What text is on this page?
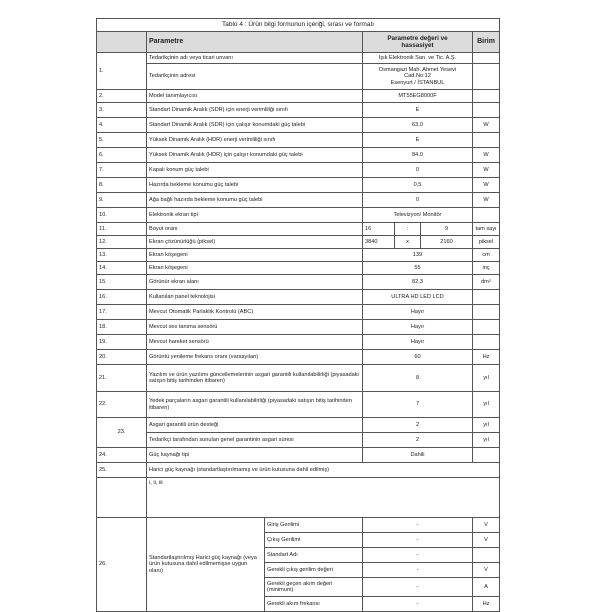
Tablo 4 : Ürün bilgi formunun içeriği, sırası ve formatı						
	Parametre		Parametre değeri ve
hassasiyet			Birim
1.	Tedarikçinin adı veya ticari unvanı		Işık Elektronik San. ve Tic. A.Ş.			
	Tedarikçinin adresi		Osmangazi Mah. Ahmet Yesevi
Cad.No:12
Esenyurt / İSTANBUL			

2.	Model tanımlayıcısı		MT55EG8000F			
3.	Standart Dinamik Aralık (SDR) için enerji verimliliği sınıfı		E			
4.	Standart Dinamik Aralık (SDR) için çalışır konumdaki güç talebi		63,0			W
5.	Yüksek Dinamik Aralık (HDR) enerji verimliliği sınıfı		E			
6.	Yüksek Dinamik Aralık (HDR) için çalışır konumdaki güç talebi		84,0			W
7.	Kapalı konum güç talebi		0			W
8.	Hazırda bekleme konumu güç talebi		0,5			W
9.	Ağa bağlı hazırda bekleme konumu güç talebi		0			W
10.	Elektronik ekran tipi		Televizyon/ Monitör			
11.	Boyut oranı		16	:	9	tam sayı
12.	Ekran çözünürlüğü (piksel)		3840	x	2160	piksel
13.	Ekran köşegeni		139			cm
14.	Ekran köşegeni		55			inç
15.	Görünür ekran alanı		82,3			$dm^2$
16.	Kullanılan panel teknolojisi		ULTRA HD LED LCD			
17.	Mevcut Otomatik Parlaklık Kontrolü (ABC)		Hayır			
18.	Mevcut ses tanıma sensörü		Hayır			
19.	Mevcut hareket sensörü		Hayır			
20.	Görüntü yenileme frekans oranı (varsayılan)		60			Hz
21.	Yazılım ve ürün yazılımı güncellemelerinin asgari garantili kullanılabilirliği (piyasadaki satışın bitiş tarihinden itibaren)		8			yıl
22.	Yedek parçaların asgari garantili kullanılabilirliği (piyasadaki satışın bitiş tarihinden itibaren)		7			yıl
23.	Asgari garantili ürün desteği		2			yıl
	Tedarikçi tarafından sunulan genel garantinin asgari süresi		2			yıl
24.	Güç kaynağı tipi		Dahili			
25.	Harici güç kaynağı (standartlaştırılmamış ve ürün kutusuna dahil edilmiş)					
	i, ii, iii					
26.	Standartlaştırılmış Harici güç kaynağı (veya ürün kutusuna dahil edilmemişse uygun olanı)	Giriş Gerilimi	-			V
		Çıkış Gerilimi	-			V
		Standart Adı	-			
		Gerekli çıkış gerilim değeri	-			V
		Gerekli geçen akım değeri (minimum)	-			A
		Gerekli akım frekansı	-			Hz
